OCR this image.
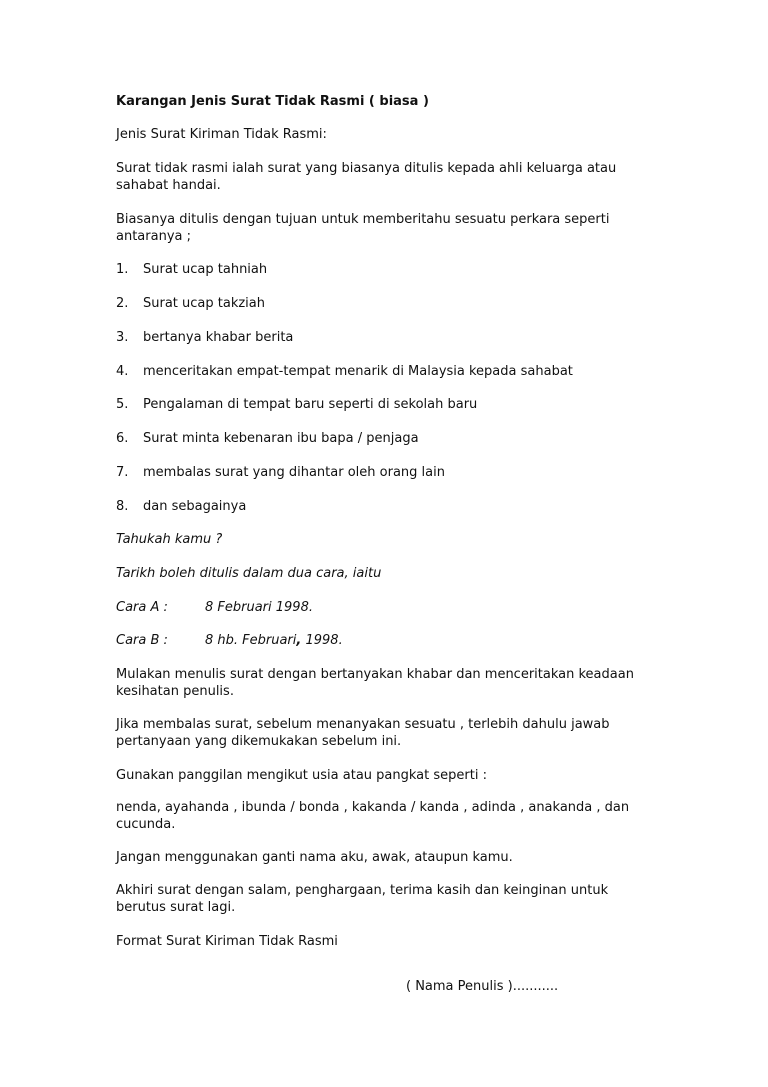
Karangan Jenis Surat Tidak Rasmi ( biasa )

Jenis Surat Kiriman Tidak Rasmi:

Surat tidak rasmi ialah surat yang biasanya ditulis kepada ahli keluarga atau sahabat handai.

Biasanya ditulis dengan tujuan untuk memberitahu sesuatu perkara seperti antaranya ;

1. Surat ucap tahniah

2. Surat ucap takziah

3. bertanya khabar berita

4. menceritakan empat-tempat menarik di Malaysia kepada sahabat

5. Pengalaman di tempat baru seperti di sekolah baru

6. Surat minta kebenaran ibu bapa / penjaga

7. membalas surat yang dihantar oleh orang lain

8. dan sebagainya

Tahukah kamu ?

Tarikh boleh ditulis dalam dua cara, iaitu

Cara A :	8 Februari 1998.

Cara B :	8 hb. Februari, 1998.

Mulakan menulis surat dengan bertanyakan khabar dan menceritakan keadaan kesihatan penulis.

Jika membalas surat, sebelum menanyakan sesuatu , terlebih dahulu jawab pertanyaan yang dikemukakan sebelum ini.

Gunakan panggilan mengikut usia atau pangkat seperti :

nenda, ayahanda , ibunda / bonda , kakanda / kanda , adinda , anakanda , dan cucunda.

Jangan menggunakan ganti nama aku, awak, ataupun kamu.

Akhiri surat dengan salam, penghargaan, terima kasih dan keinginan untuk berutus surat lagi.

Format Surat Kiriman Tidak Rasmi

( Nama Penulis )...........
